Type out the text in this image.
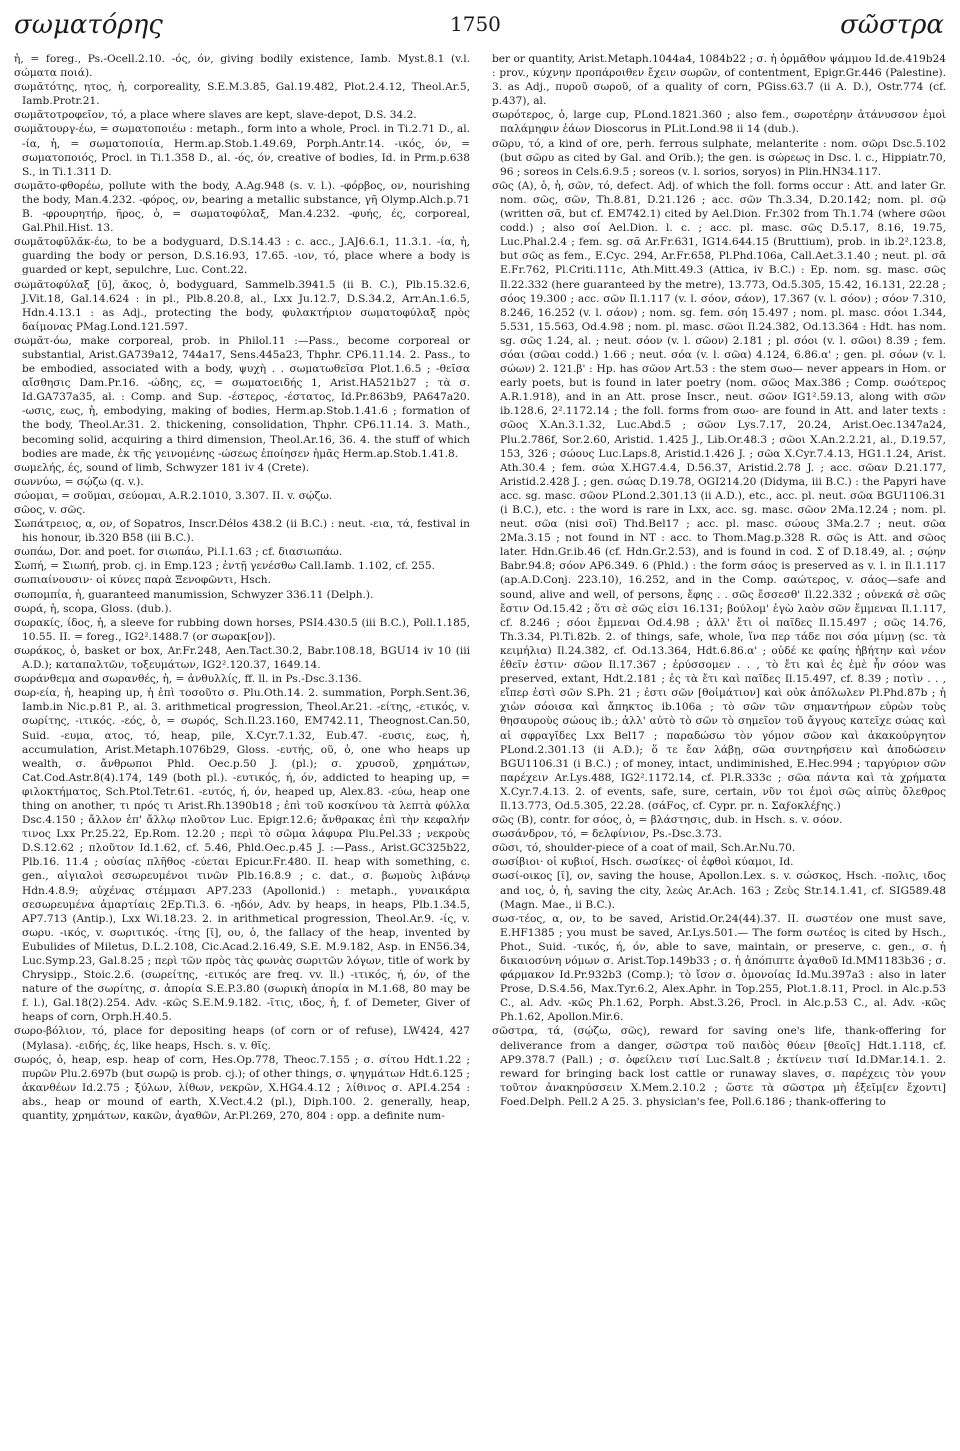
σωματόρης	1750	σῶστρα

ἡ, = foreg., Ps.-Ocell.2.10. -ός, όν, giving bodily existence, Iamb. Myst.8.1 (v.l. σώματα ποιά).

σωμᾰτότης, ητος, ἡ, corporeality, S.E.M.3.85, Gal.19.482, Plot.2.4.12, Theol.Ar.5, Iamb.Protr.21.

σωμᾰτοτροφεῖον, τό, a place where slaves are kept, slave-depot, D.S. 34.2.

σωμᾰτουργ-έω, = σωματοποιέω : metaph., form into a whole, Procl. in Ti.2.71 D., al. -ία, ἡ, = σωματοποιία, Herm.ap.Stob.1.49.69, Porph.Antr.14. -ικός, όν, = σωματοποιός, Procl. in Ti.1.358 D., al. -ός, όν, creative of bodies, Id. in Prm.p.638 S., in Ti.1.311 D.

σωμᾰτο-φθορέω, pollute with the body, A.Ag.948 (s. v. l.). -φόρβος, ον, nourishing the body, Man.4.232. -φόρος, ον, bearing a metallic substance, γῆ Olymp.Alch.p.71 B. -φρουρητήρ, ῆρος, ὁ, = σωματοφύλαξ, Man.4.232. -φυής, ές, corporeal, Gal.Phil.Hist. 13.

σωμᾰτοφῠλᾰκ-έω, to be a bodyguard, D.S.14.43 : c. acc., J.AJ6.6.1, 11.3.1. -ία, ἡ, guarding the body or person, D.S.16.93, 17.65. -ιον, τό, place where a body is guarded or kept, sepulchre, Luc. Cont.22.

σωμᾰτοφύλαξ [ῠ], ᾰκος, ὁ, bodyguard, Sammelb.3941.5 (ii B. C.), Plb.15.32.6, J.Vit.18, Gal.14.624 : in pl., Plb.8.20.8, al., Lxx Ju.12.7, D.S.34.2, Arr.An.1.6.5, Hdn.4.13.1 : as Adj., protecting the body, φυλακτήριον σωματοφύλαξ πρὸς δαίμονας PMag.Lond.121.597.

σωμᾰτ-όω, make corporeal, prob. in Philol.11 :—Pass., become corporeal or substantial, Arist.GA739a12, 744a17, Sens.445a23, Thphr. CP6.11.14. 2. Pass., to be embodied, associated with a body, ψυχὴ . . σωματωθεῖσα Plot.1.6.5 ; -θεῖσα αἴσθησις Dam.Pr.16. -ώδης, ες, = σωματοειδής 1, Arist.HA521b27 ; τὰ σ. Id.GA737a35, al. : Comp. and Sup. -έστερος, -έστατος, Id.Pr.863b9, PA647a20. -ωσις, εως, ἡ, embodying, making of bodies, Herm.ap.Stob.1.41.6 ; formation of the body, Theol.Ar.31. 2. thickening, consolidation, Thphr. CP6.11.14. 3. Math., becoming solid, acquiring a third dimension, Theol.Ar.16, 36. 4. the stuff of which bodies are made, ἐκ τῆς γεινομένης -ώσεως ἐποίησεν ἡμᾶς Herm.ap.Stob.1.41.8.

σωμελής, ές, sound of limb, Schwyzer 181 iv 4 (Crete).

σωννύω, = σῴζω (q. v.).

σώομαι, = σοῦμαι, σεύομαι, A.R.2.1010, 3.307. II. v. σῴζω.

σῶος, v. σῶς.

Σωπάτρειος, α, ον, of Sopatros, Inscr.Délos 438.2 (ii B.C.) : neut. -εια, τά, festival in his honour, ib.320 B58 (iii B.C.).

σωπάω, Dor. and poet. for σιωπάω, Pi.I.1.63 ; cf. διασιωπάω.

Σωπή, = Σιωπή, prob. cj. in Emp.123 ; ἐντῇ γενέσθω Call.Iamb. 1.102, cf. 255.

σωπιαίνουσιν· οἱ κύνες παρὰ Ξενοφῶντι, Hsch.

σωπομπία, ἡ, guaranteed manumission, Schwyzer 336.11 (Delph.).

σωρά, ἡ, scopa, Gloss. (dub.).

σωρακίς, ίδος, ἡ, a sleeve for rubbing down horses, PSI4.430.5 (iii B.C.), Poll.1.185, 10.55. II. = foreg., IG2².1488.7 (or σωρακ[ον]).

σωράκος, ὁ, basket or box, Ar.Fr.248, Aen.Tact.30.2, Babr.108.18, BGU14 iv 10 (iii A.D.); καταπαλτῶν, τοξευμάτων, IG2².120.37, 1649.14.

σωράνθεμα and σωρανθές, ἡ, = ἀνθυλλίς, ff. ll. in Ps.-Dsc.3.136.

σωρ-εία, ἡ, heaping up, ἡ ἐπὶ τοσοῦτο σ. Plu.Oth.14. 2. summation, Porph.Sent.36, Iamb.in Nic.p.81 P., al. 3. arithmetical progression, Theol.Ar.21. -είτης, -ετικός, v. σωρίτης, -ιτικός. -εός, ὁ, = σωρός, Sch.Il.23.160, EM742.11, Theognost.Can.50, Suid. -ευμα, ατος, τό, heap, pile, X.Cyr.7.1.32, Eub.47. -ευσις, εως, ἡ, accumulation, Arist.Metaph.1076b29, Gloss. -ευτής, οῦ, ὁ, one who heaps up wealth, σ. ἄνθρωποι Phld. Oec.p.50 J. (pl.); σ. χρυσοῦ, χρημάτων, Cat.Cod.Astr.8(4).174, 149 (both pl.). -ευτικός, ή, όν, addicted to heaping up, = φιλοκτήματος, Sch.Ptol.Tetr.61. -ευτός, ή, όν, heaped up, Alex.83. -εύω, heap one thing on another, τι πρός τι Arist.Rh.1390b18 ; ἐπὶ τοῦ κοσκίνου τὰ λεπτὰ φύλλα Dsc.4.150 ; ἄλλον ἐπ' ἄλλῳ πλοῦτον Luc. Epigr.12.6; ἄνθρακας ἐπὶ τὴν κεφαλήν τινος Lxx Pr.25.22, Ep.Rom. 12.20 ; περὶ τὸ σῶμα λάφυρα Plu.Pel.33 ; νεκροὺς D.S.12.62 ; πλοῦτον Id.1.62, cf. 5.46, Phld.Oec.p.45 J. :—Pass., Arist.GC325b22, Plb.16. 11.4 ; οὐσίας πλῆθος -εύεται Epicur.Fr.480. II. heap with something, c. gen., αἰγιαλοὶ σεσωρευμένοι τινῶν Plb.16.8.9 ; c. dat., σ. βωμοὺς λιβάνῳ Hdn.4.8.9; αὐχένας στέμμασι AP7.233 (Apollonid.) : metaph., γυναικάρια σεσωρευμένα ἁμαρτίαις 2Ep.Ti.3. 6. -ηδόν, Adv. by heaps, in heaps, Plb.1.34.5, AP7.713 (Antip.), Lxx Wi.18.23. 2. in arithmetical progression, Theol.Ar.9. -ίς, v. σωρυ. -ικός, v. σωριτικός. -ίτης [ῐ], ου, ὁ, the fallacy of the heap, invented by Eubulides of Miletus, D.L.2.108, Cic.Acad.2.16.49, S.E. M.9.182, Asp. in EN56.34, Luc.Symp.23, Gal.8.25 ; περὶ τῶν πρὸς τὰς φωνὰς σωριτῶν λόγων, title of work by Chrysipp., Stoic.2.6. (σωρείτης, -ειτικός are freq. vv. ll.) -ιτικός, ή, όν, of the nature of the σωρίτης, σ. ἀπορία S.E.P.3.80 (σωρικὴ ἀπορία in M.1.68, 80 may be f. l.), Gal.18(2).254. Adv. -κῶς S.E.M.9.182. -ῖτις, ιδος, ἡ, f. of Demeter, Giver of heaps of corn, Orph.H.40.5.

σωρο-βόλιον, τό, place for depositing heaps (of corn or of refuse), LW424, 427 (Mylasa). -ειδής, ές, like heaps, Hsch. s. v. θῖς.

σωρός, ὁ, heap, esp. heap of corn, Hes.Op.778, Theoc.7.155 ; σ. σίτου Hdt.1.22 ; πυρῶν Plu.2.697b (but σωρῷ is prob. cj.); of other things, σ. ψηγμάτων Hdt.6.125 ; ἀκανθέων Id.2.75 ; ξύλων, λίθων, νεκρῶν, X.HG4.4.12 ; λίθινος σ. API.4.254 : abs., heap or mound of earth, X.Vect.4.2 (pl.), Diph.100. 2. generally, heap, quantity, χρημάτων, κακῶν, ἀγαθῶν, Ar.Pl.269, 270, 804 : opp. a definite num-

ber or quantity, Arist.Metaph.1044a4, 1084b22 ; σ. ἡ ὁρμᾶθον ψάμμου Id.de.419b24 : prov., κύχνην προπάροιθεν ἔχειν σωρῶν, of contentment, Epigr.Gr.446 (Palestine). 3. as Adj., πυροῦ σωροῦ, of a quality of corn, PGiss.63.7 (ii A. D.), Ostr.774 (cf. p.437), al.

σωρότερος, ὁ, large cup, PLond.1821.360 ; also fem., σωροτέρην ἀτάνυσσον ἐμοὶ παλάμηφιν ἐάων Dioscorus in PLit.Lond.98 ii 14 (dub.).

σῶρυ, τό, a kind of ore, perh. ferrous sulphate, melanterite : nom. σῶρι Dsc.5.102 (but σῶρυ as cited by Gal. and Orib.); the gen. is σώρεως in Dsc. l. c., Hippiatr.70, 96 ; soreos in Cels.6.9.5 ; soreos (v. l. sorios, soryos) in Plin.HN34.117.

σῶς (A), ὁ, ἡ, σῶν, τό, defect. Adj. of which the foll. forms occur : Att. and later Gr. nom. σῶς, σῶν, Th.8.81, D.21.126 ; acc. σῶν Th.3.34, D.20.142; nom. pl. σῷ (written σᾶ, but cf. EM742.1) cited by Ael.Dion. Fr.302 from Th.1.74 (where σῶοι codd.) ; also σοί Ael.Dion. l. c. ; acc. pl. masc. σῶς D.5.17, 8.16, 19.75, Luc.Phal.2.4 ; fem. sg. σᾶ Ar.Fr.631, IG14.644.15 (Bruttium), prob. in ib.2².123.8, but σῶς as fem., E.Cyc. 294, Ar.Fr.658, Pl.Phd.106a, Call.Aet.3.1.40 ; neut. pl. σᾶ E.Fr.762, Pl.Criti.111c, Ath.Mitt.49.3 (Attica, iv B.C.) : Ep. nom. sg. masc. σῶς Il.22.332 (here guaranteed by the metre), 13.773, Od.5.305, 15.42, 16.131, 22.28 ; σόος 19.300 ; acc. σῶν Il.1.117 (v. l. σόον, σάον), 17.367 (v. l. σόον) ; σόον 7.310, 8.246, 16.252 (v. l. σάον) ; nom. sg. fem. σόη 15.497 ; nom. pl. masc. σόοι 1.344, 5.531, 15.563, Od.4.98 ; nom. pl. masc. σῶοι Il.24.382, Od.13.364 : Hdt. has nom. sg. σῶς 1.24, al. ; neut. σόον (v. l. σῶον) 2.181 ; pl. σόοι (v. l. σῶοι) 8.39 ; fem. σόαι (σῶαι codd.) 1.66 ; neut. σόα (v. l. σῶα) 4.124, 6.86.α' ; gen. pl. σόων (v. l. σώων) 2. 121.β' : Hp. has σῶον Art.53 : the stem σωο— never appears in Hom. or early poets, but is found in later poetry (nom. σῶος Max.386 ; Comp. σωότερος A.R.1.918), and in an Att. prose Inscr., neut. σῶον IG1².59.13, along with σῶν ib.128.6, 2².1172.14 ; the foll. forms from σωο- are found in Att. and later texts : σῶος X.An.3.1.32, Luc.Abd.5 ; σῶον Lys.7.17, 20.24, Arist.Oec.1347a24, Plu.2.786f, Sor.2.60, Aristid. 1.425 J., Lib.Or.48.3 ; σῶοι X.An.2.2.21, al., D.19.57, 153, 326 ; σώους Luc.Laps.8, Aristid.1.426 J. ; σῶα X.Cyr.7.4.13, HG1.1.24, Arist. Ath.30.4 ; fem. σώα X.HG7.4.4, D.56.37, Aristid.2.78 J. ; acc. σῶαν D.21.177, Aristid.2.428 J. ; gen. σώας D.19.78, OGI214.20 (Didyma, iii B.C.) : the Papyri have acc. sg. masc. σῶον PLond.2.301.13 (ii A.D.), etc., acc. pl. neut. σῶα BGU1106.31 (i B.C.), etc. : the word is rare in Lxx, acc. sg. masc. σῶον 2Ma.12.24 ; nom. pl. neut. σῶα (nisi σοῖ) Thd.Bel17 ; acc. pl. masc. σώους 3Ma.2.7 ; neut. σῶα 2Ma.3.15 ; not found in NT : acc. to Thom.Mag.p.328 R. σῶς is Att. and σῶος later. Hdn.Gr.ib.46 (cf. Hdn.Gr.2.53), and is found in cod. Σ of D.18.49, al. ; σῴην Babr.94.8; σόον AP6.349. 6 (Phld.) : the form σάος is preserved as v. l. in Il.1.117 (ap.A.D.Conj. 223.10), 16.252, and in the Comp. σαώτερος, v. σάος—safe and sound, alive and well, of persons, ἔφης . . σῶς ἔσσεσθ' Il.22.332 ; οὐνεκά σὲ σῶς ἔστιν Od.15.42 ; ὅτι σὲ σῶς εἰσι 16.131; βούλομ' ἐγὼ λαὸν σῶν ἔμμεναι Il.1.117, cf. 8.246 ; σόοι ἔμμεναι Od.4.98 ; ἀλλ' ἔτι οἱ παῖδες Il.15.497 ; σῶς 14.76, Th.3.34, Pl.Ti.82b. 2. of things, safe, whole, ἵνα περ τάδε ποι σόα μίμνῃ (sc. τὰ κειμήλια) Il.24.382, cf. Od.13.364, Hdt.6.86.α' ; οὐδέ κε φαίης ἡβήτην καὶ νέον ἐθεῖν ἐστιν· σῶον Il.17.367 ; ἐρύσσομεν . . , τὸ ἔτι καὶ ἐς ἐμὲ ἦν σόον was preserved, extant, Hdt.2.181 ; ἐς τὰ ἔτι καὶ παῖδες Il.15.497, cf. 8.39 ; ποτὶν . . , εἴπερ ἐστὶ σῶν S.Ph. 21 ; ἐστι σῶν [θοἰμάτιον] καὶ οὐκ ἀπόλωλεν Pl.Phd.87b ; ἡ χιὼν σόοισα καὶ ἄπηκτος ib.106a ; τὸ σῶν τῶν σημαντήρων εὑρὼν τοὺς θησαυροὺς σώους ib.; ἀλλ' αὐτὸ τὸ σῶν τὸ σημεῖον τοῦ ἄγγους κατεῖχε σώας καὶ αἱ σφραγῖδες Lxx Bel17 ; παραδώσω τὸν γόμον σῶον καὶ ἀκακούργητον PLond.2.301.13 (ii A.D.); ὅ τε ἔαν λάβῃ, σῶα συντηρήσειν καὶ ἀποδώσειν BGU1106.31 (i B.C.) ; of money, intact, undiminished, E.Hec.994 ; ταργύριον σῶν παρέχειν Ar.Lys.488, IG2².1172.14, cf. Pl.R.333c ; σῶα πάντα καὶ τὰ χρήματα X.Cyr.7.4.13. 2. of events, safe, sure, certain, νῦν τοι ἐμοὶ σῶς αἰπὺς ὄλεθρος Il.13.773, Od.5.305, 22.28. (σάFος, cf. Cypr. pr. n. Σαϝοκλέϝης.)

σῶς (B), contr. for σόος, ὁ, = βλάστησις, dub. in Hsch. s. v. σόον.

σωσάνδρον, τό, = δελφίνιον, Ps.-Dsc.3.73.

σῶσι, τό, shoulder-piece of a coat of mail, Sch.Ar.Nu.70.

σωσίβιοι· οἱ κυβιοί, Hsch. σωσίκες· οἱ ἑφθοὶ κύαμοι, Id.

σωσί-οικος [ῐ], ον, saving the house, Apollon.Lex. s. v. σώσκος, Hsch. -πολις, ιδος and ιος, ὁ, ἡ, saving the city, λεὼς Ar.Ach. 163 ; Ζεὺς Str.14.1.41, cf. SIG589.48 (Magn. Mae., ii B.C.).

σωσ-τέος, α, ον, to be saved, Aristid.Or.24(44).37. II. σωστέον one must save, E.HF1385 ; you must be saved, Ar.Lys.501.— The form σωτέος is cited by Hsch., Phot., Suid. -τικός, ή, όν, able to save, maintain, or preserve, c. gen., σ. ἡ δικαιοσύνη νόμων σ. Arist.Top.149b33 ; σ. ἡ ἀπόπιπτε ἀγαθοῦ Id.MM1183b36 ; σ. φάρμακον Id.Pr.932b3 (Comp.); τὸ ἴσον σ. ὁμονοίας Id.Mu.397a3 : also in later Prose, D.S.4.56, Max.Tyr.6.2, Alex.Aphr. in Top.255, Plot.1.8.11, Procl. in Alc.p.53 C., al. Adv. -κῶς Ph.1.62, Porph. Abst.3.26, Procl. in Alc.p.53 C., al. Adv. -κῶς Ph.1.62, Apollon.Mir.6.

σῶστρα, τά, (σῴζω, σῶς), reward for saving one's life, thank-offering for deliverance from a danger, σῶστρα τοῦ παιδὸς θύειν [θεοῖς] Hdt.1.118, cf. AP9.378.7 (Pall.) ; σ. ὀφείλειν τισί Luc.Salt.8 ; ἐκτίνειν τισί Id.DMar.14.1. 2. reward for bringing back lost cattle or runaway slaves, σ. παρέχεις τὸν γουν τοῦτον ἀνακηρύσσειν X.Mem.2.10.2 ; ὥστε τὰ σῶστρα μὴ ἐξεῖμ[εν ἔχοντι] Foed.Delph. Pell.2 A 25. 3. physician's fee, Poll.6.186 ; thank-offering to
